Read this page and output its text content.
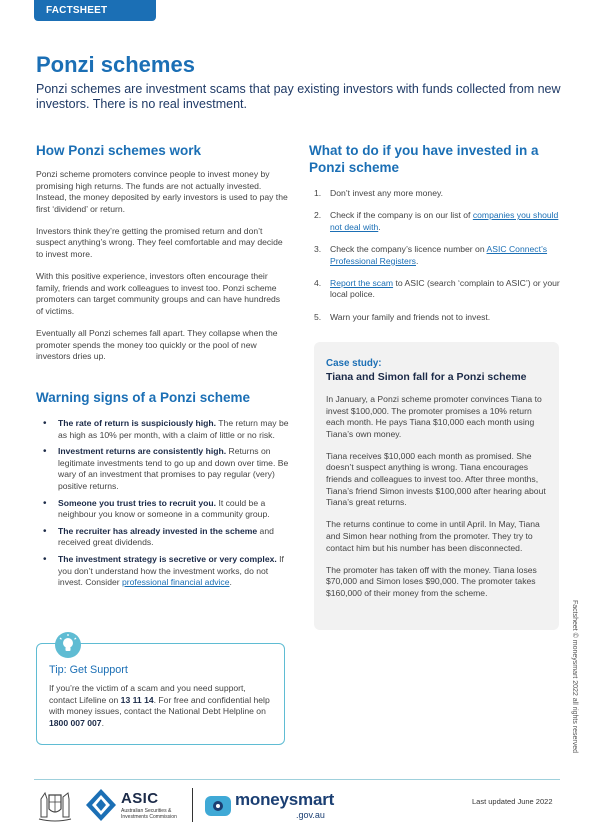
FACTSHEET
Ponzi schemes

Ponzi schemes are investment scams that pay existing investors with funds collected from new investors. There is no real investment.

How Ponzi schemes work

Ponzi scheme promoters convince people to invest money by promising high returns. The funds are not actually invested. Instead, the money deposited by early investors is used to pay the first ‘dividend’ or return.

Investors think they’re getting the promised return and don’t suspect anything’s wrong. They feel comfortable and may decide to invest more.

With this positive experience, investors often encourage their family, friends and work colleagues to invest too. Ponzi scheme promoters can target community groups and can have hundreds of victims.

Eventually all Ponzi schemes fall apart. They collapse when the promoter spends the money too quickly or the pool of new investors dries up.

Warning signs of a Ponzi scheme
• The rate of return is suspiciously high. The return may be as high as 10% per month, with a claim of little or no risk.
• Investment returns are consistently high. Returns on legitimate investments tend to go up and down over time. Be wary of an investment that promises to pay regular (very) positive returns.
• Someone you trust tries to recruit you. It could be a neighbour you know or someone in a community group.
• The recruiter has already invested in the scheme and received great dividends.
• The investment strategy is secretive or very complex. If you don’t understand how the investment works, do not invest. Consider professional financial advice.
What to do if you have invested in a Ponzi scheme
1. Don’t invest any more money.
2. Check if the company is on our list of companies you should not deal with.
3. Check the company’s licence number on ASIC Connect’s Professional Registers.
4. Report the scam to ASIC (search ‘complain to ASIC’) or your local police.
5. Warn your family and friends not to invest.
Case study:
Tiana and Simon fall for a Ponzi scheme

In January, a Ponzi scheme promoter convinces Tiana to invest $100,000. The promoter promises a 10% return each month. He pays Tiana $10,000 each month using Tiana’s own money.

Tiana receives $10,000 each month as promised. She doesn’t suspect anything is wrong. Tiana encourages friends and colleagues to invest too. After three months, Tiana’s friend Simon invests $100,000 after hearing about Tiana’s great returns.

The returns continue to come in until April. In May, Tiana and Simon hear nothing from the promoter. They try to contact him but his number has been disconnected.

The promoter has taken off with the money. Tiana loses $70,000 and Simon loses $90,000. The promoter takes $160,000 of their money from the scheme.

Tip: Get Support

If you’re the victim of a scam and you need support, contact Lifeline on 13 11 14. For free and confidential help with money issues, contact the National Debt Helpline on 1800 007 007.	Factsheet © moneysmart 2022 all rights reserved
ASIC
Australian Securities & Investments Commission
moneysmart
.gov.au
Last updated June 2022
